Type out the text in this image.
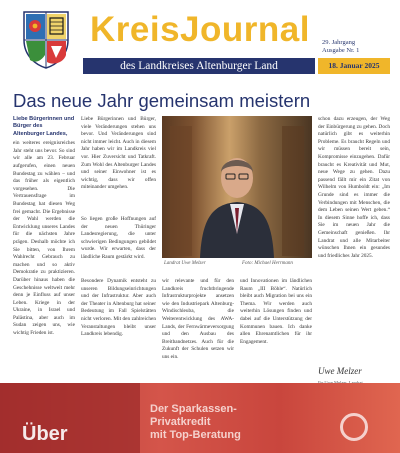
KreisJournal 29. Jahrgang
Ausgabe Nr. 1
des Landkreises Altenburger Land	18. Januar 2025
Das neue Jahr gemeinsam meistern

Liebe Bürgerinnen und Bürger des Altenburger Landes,

ein weiteres ereignisreiches Jahr steht uns bevor. So sind wir alle am 23. Februar aufgerufen, einen neuen Bundestag zu wählen – und das früher als eigentlich vorgesehen. Die Vertrauensfrage im Bundestag hat diesen Weg frei gemacht. Die Ergebnisse der Wahl werden die Entwicklung unseres Landes für die nächsten Jahre prägen. Deshalb möchte ich Sie bitten, von Ihrem Wahlrecht Gebrauch zu machen und so aktiv Demokratie zu praktizieren. Darüber hinaus haben die Geschehnisse weltweit mehr denn je Einfluss auf unser Leben. Kriege in der Ukraine, in Israel und Palästina, aber auch im Sudan zeigen uns, wie wichtig Frieden ist.

Liebe Bürgerinnen und Bürger, viele Veränderungen stehen uns bevor. Und Veränderungen sind nicht immer leicht. Auch in diesem Jahr haben wir im Landkreis viel vor. Hier Zuversicht und Tatkraft. Zum Wohl des Altenburger Landes und seiner Einwohner ist es wichtig, dass wir offen miteinander umgehen.

So liegen große Hoffnungen auf der neuen Thüringer Landesregierung, die unter schwierigen Bedingungen gebildet wurde. Wir erwarten, dass der ländliche Raum gestärkt wird.

Besondere Dynamik entsteht zu unseren Bildungseinrichtungen und der Infrastruktur. Aber auch der Theater in Altenburg hat seiner Bedeutung im Fall Spielstätten nicht verloren. Mit den zahlreichen Veranstaltungen bleibt unser Landkreis lebendig.

Landrat Uwe Melzer	Foto: Michael Herrmann

wir relevante und für den Landkreis fruchtbringende Infrastrukturprojekte ansetzen wie den Industriepark Altenburg-Windischleuba, die Weiterentwicklung des AWA-Lands, der Fernwärmeversorgung und den Ausbau des Breitbandnetzes. Auch für die Zukunft der Schulen setzen wir uns ein.

und Innovationen im ländlichen Raum „III Böhle“. Natürlich bleibt auch Migration bei uns ein Thema. Wir werden auch weiterhin Lösungen finden und dabei auf die Unterstützung der Kommunen bauen. Ich danke allen Ehrenamtlichen für ihr Engagement.

schon dazu erzeugen, der Weg der Einbürgerung zu gehen. Doch natürlich gibt es weiterhin Probleme. Es braucht Regeln und wir müssen bereit sein, Kompromisse einzugehen. Dafür braucht es Kreativität und Mut, neue Wege zu gehen. Dazu passend fällt mir ein Zitat von Wilhelm von Humboldt ein: „Im Grunde sind es immer die Verbindungen mit Menschen, die dem Leben seinen Wert geben.“ In diesem Sinne hoffe ich, dass Sie im neuen Jahr die Gemeinschaft genießen. Ihr Landrat und alle Mitarbeiter wünschen Ihnen ein gesundes und friedliches Jahr 2025.

Uwe Melzer
Über
Der Sparkassen-
Privatkredit
mit Top-Beratung
